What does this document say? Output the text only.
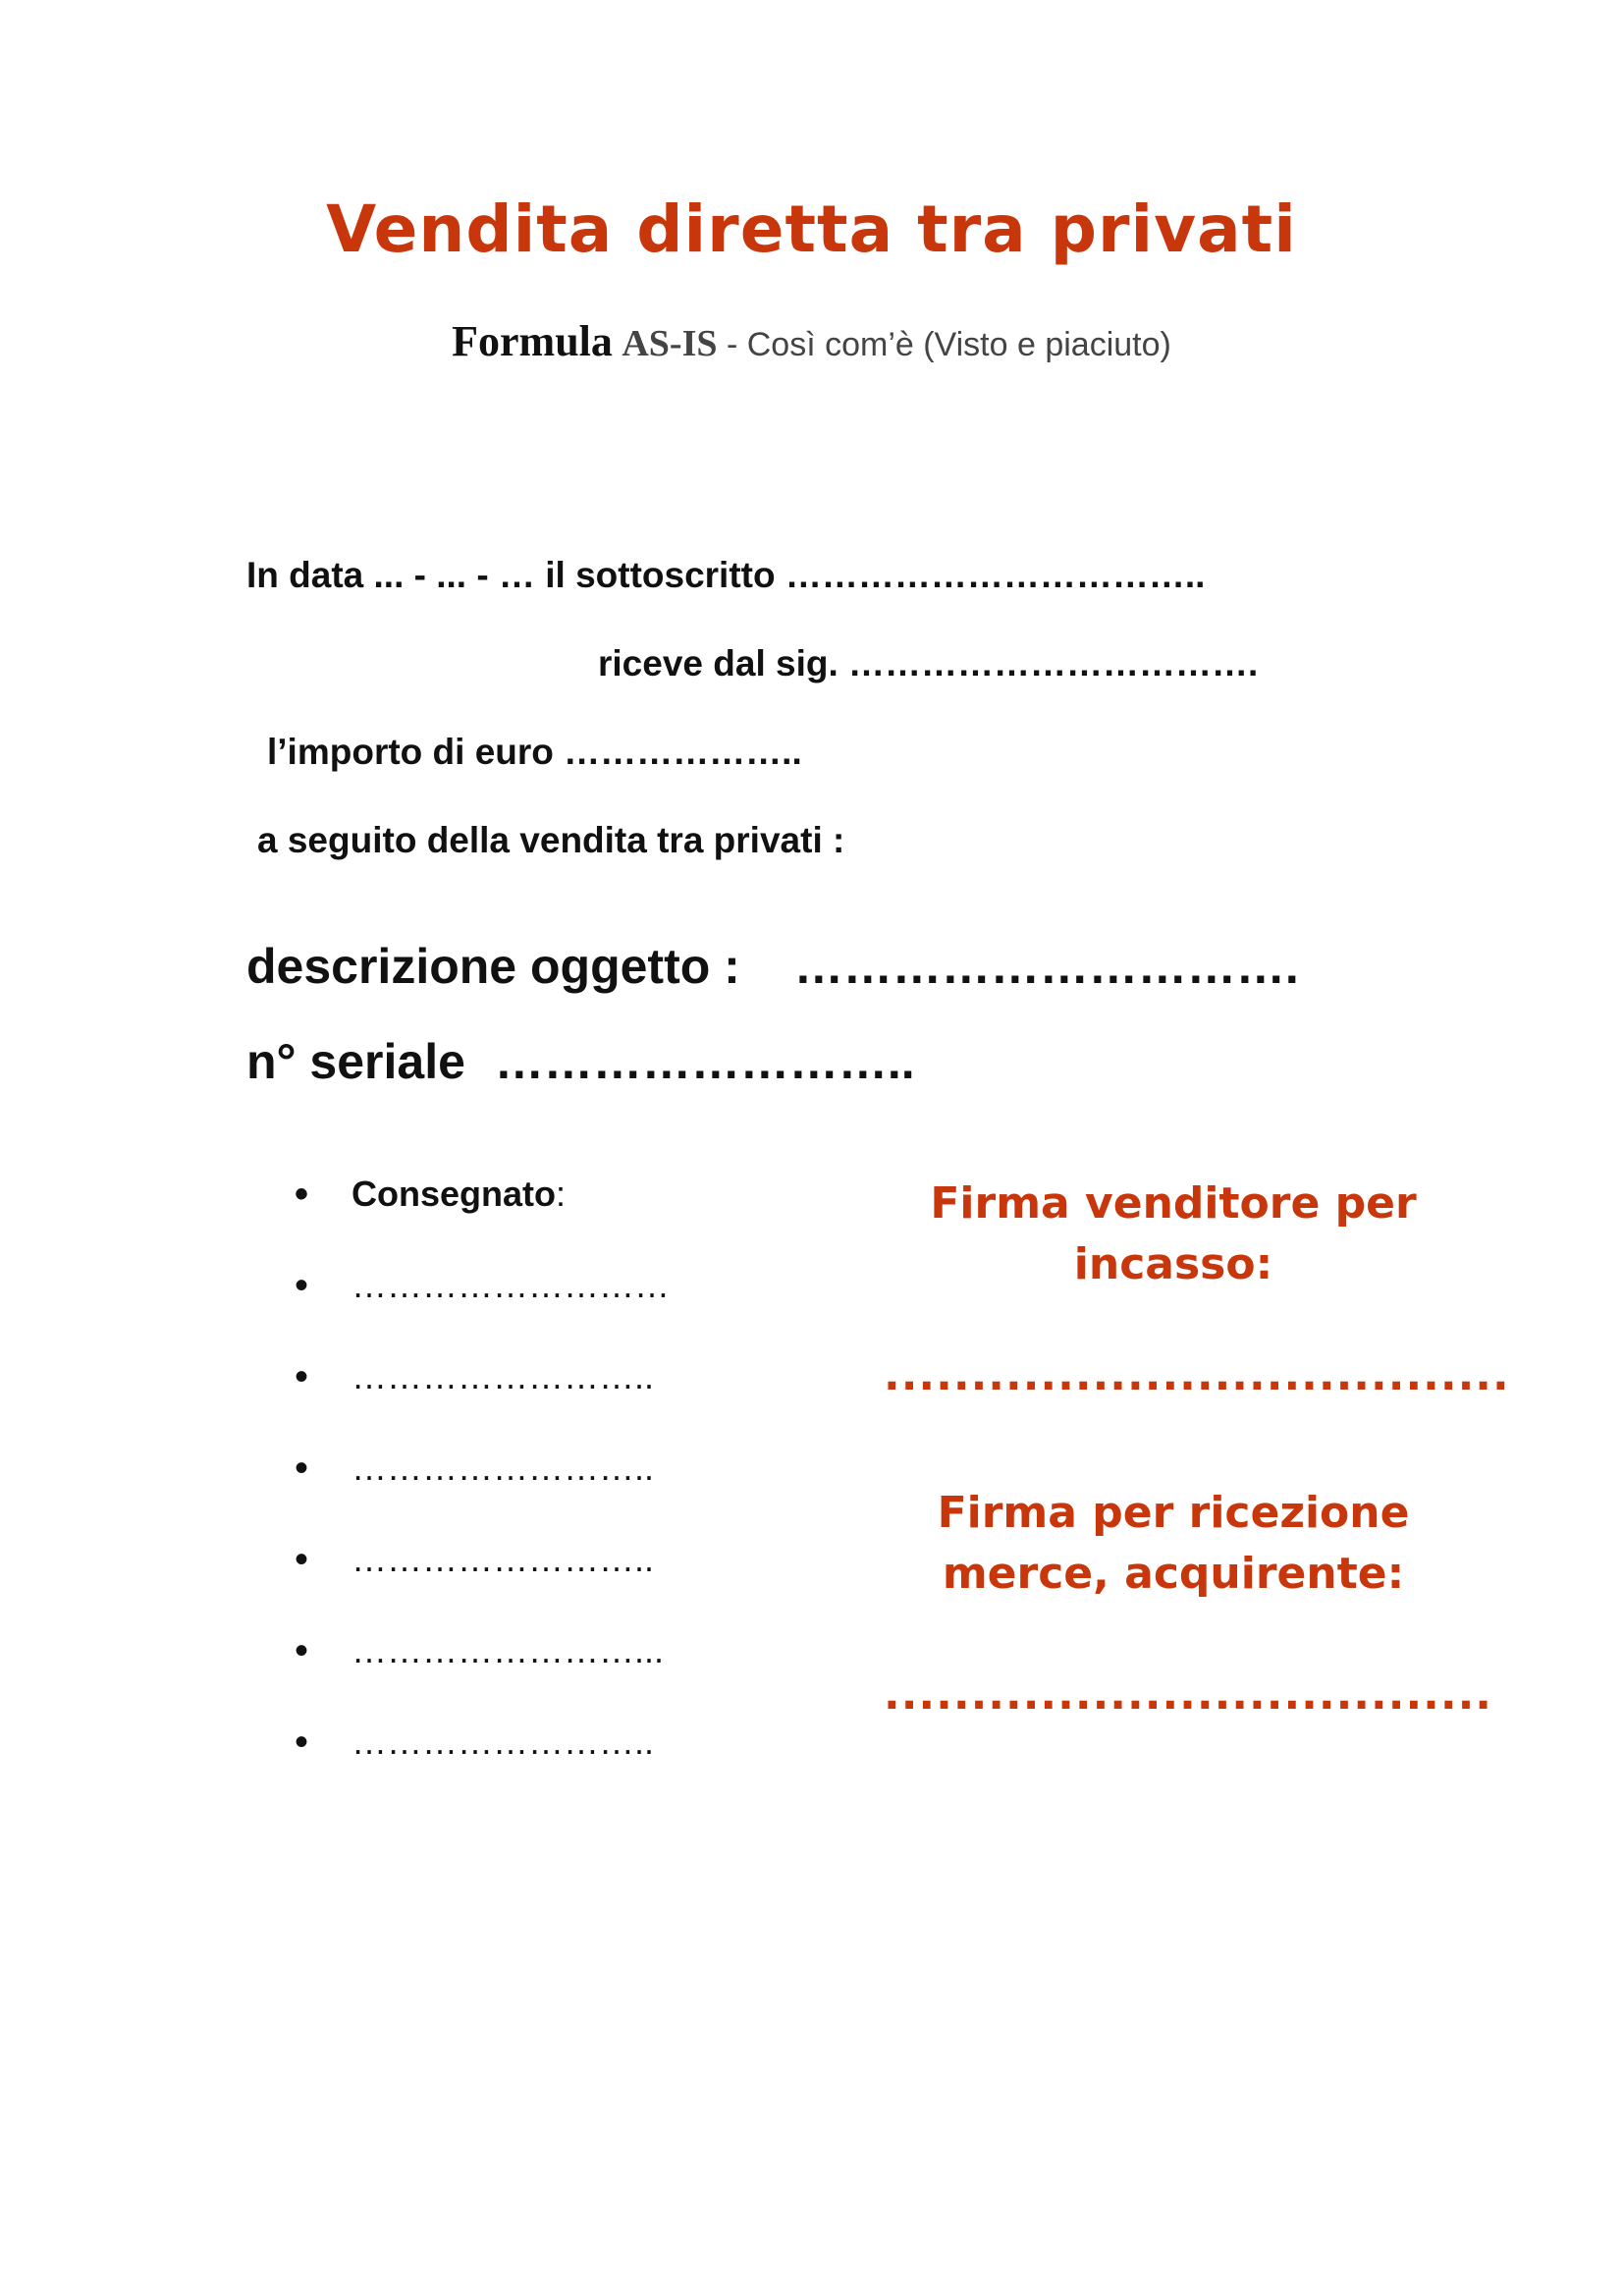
Vendita diretta tra privati
Formula AS-IS - Così com’è (Visto e piaciuto)
In data ... - ... - … il sottoscritto ……………………………..
riceve dal sig. …………………………….
l’importo di euro ………………..
a seguito della vendita tra privati :
descrizione oggetto : ………………………….
n° seriale ……………………..
• Consegnato:
• ………………………
• ……………………..
• ……………………..
• ……………………..
• ……………………...
• ……………………..
Firma venditore per incasso:
....................................
Firma per ricezione merce, acquirente:
...................................
